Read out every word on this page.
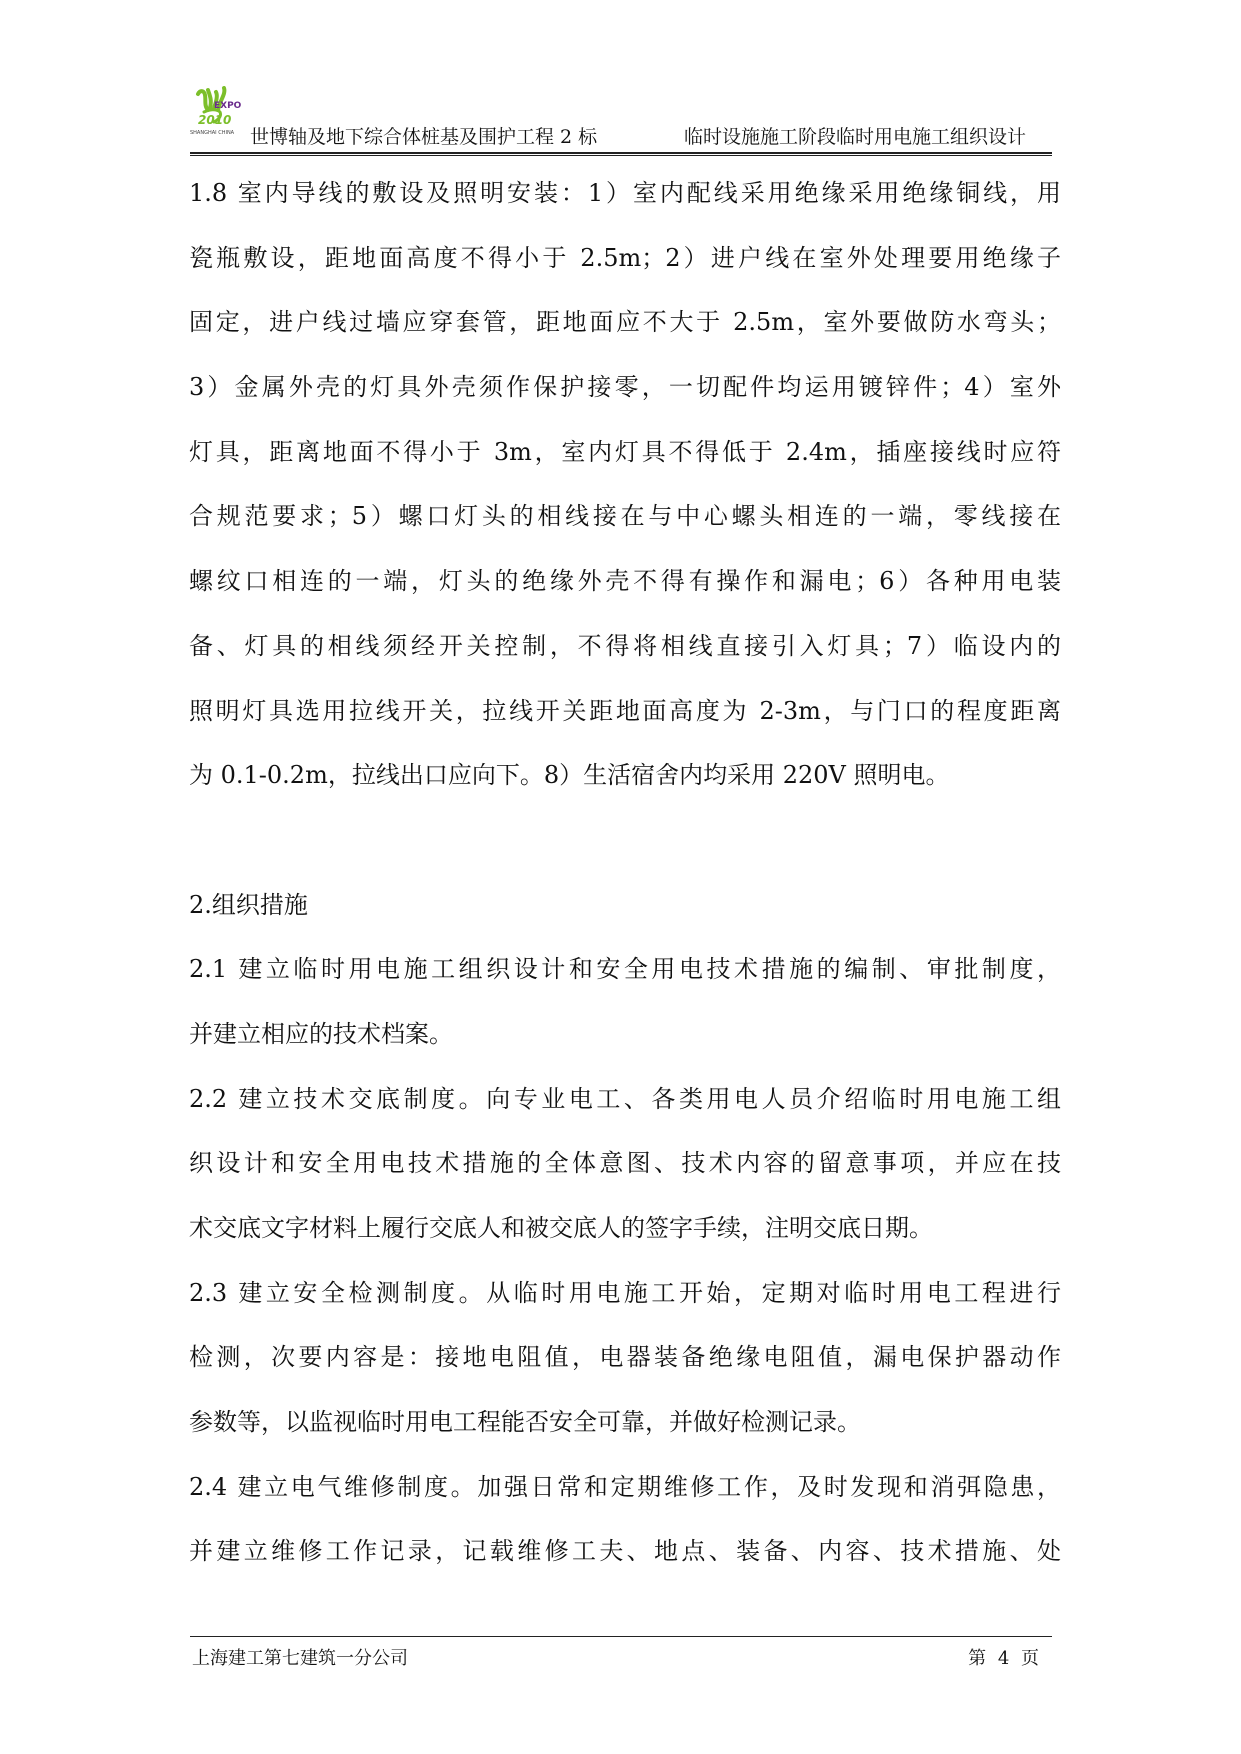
EXPO
2010
SHANGHAI CHINA 世博轴及地下综合体桩基及围护工程 2 标	临时设施施工阶段临时用电施工组织设计
1.8 室内导线的敷设及照明安装：1）室内配线采用绝缘采用绝缘铜线，用
瓷瓶敷设，距地面高度不得小于 2.5m；2）进户线在室外处理要用绝缘子
固定，进户线过墙应穿套管，距地面应不大于 2.5m，室外要做防水弯头；
3）金属外壳的灯具外壳须作保护接零，一切配件均运用镀锌件；4）室外
灯具，距离地面不得小于 3m，室内灯具不得低于 2.4m，插座接线时应符
合规范要求；5）螺口灯头的相线接在与中心螺头相连的一端，零线接在
螺纹口相连的一端，灯头的绝缘外壳不得有操作和漏电；6）各种用电装
备、灯具的相线须经开关控制，不得将相线直接引入灯具；7）临设内的
照明灯具选用拉线开关，拉线开关距地面高度为 2-3m，与门口的程度距离
为 0.1-0.2m，拉线出口应向下。8）生活宿舍内均采用 220V 照明电。
2.组织措施
2.1 建立临时用电施工组织设计和安全用电技术措施的编制、审批制度，
并建立相应的技术档案。
2.2 建立技术交底制度。向专业电工、各类用电人员介绍临时用电施工组
织设计和安全用电技术措施的全体意图、技术内容的留意事项，并应在技
术交底文字材料上履行交底人和被交底人的签字手续，注明交底日期。
2.3 建立安全检测制度。从临时用电施工开始，定期对临时用电工程进行
检测，次要内容是：接地电阻值，电器装备绝缘电阻值，漏电保护器动作
参数等，以监视临时用电工程能否安全可靠，并做好检测记录。
2.4 建立电气维修制度。加强日常和定期维修工作，及时发现和消弭隐患，
并建立维修工作记录，记载维修工夫、地点、装备、内容、技术措施、处
上海建工第七建筑一分公司	第 4 页
